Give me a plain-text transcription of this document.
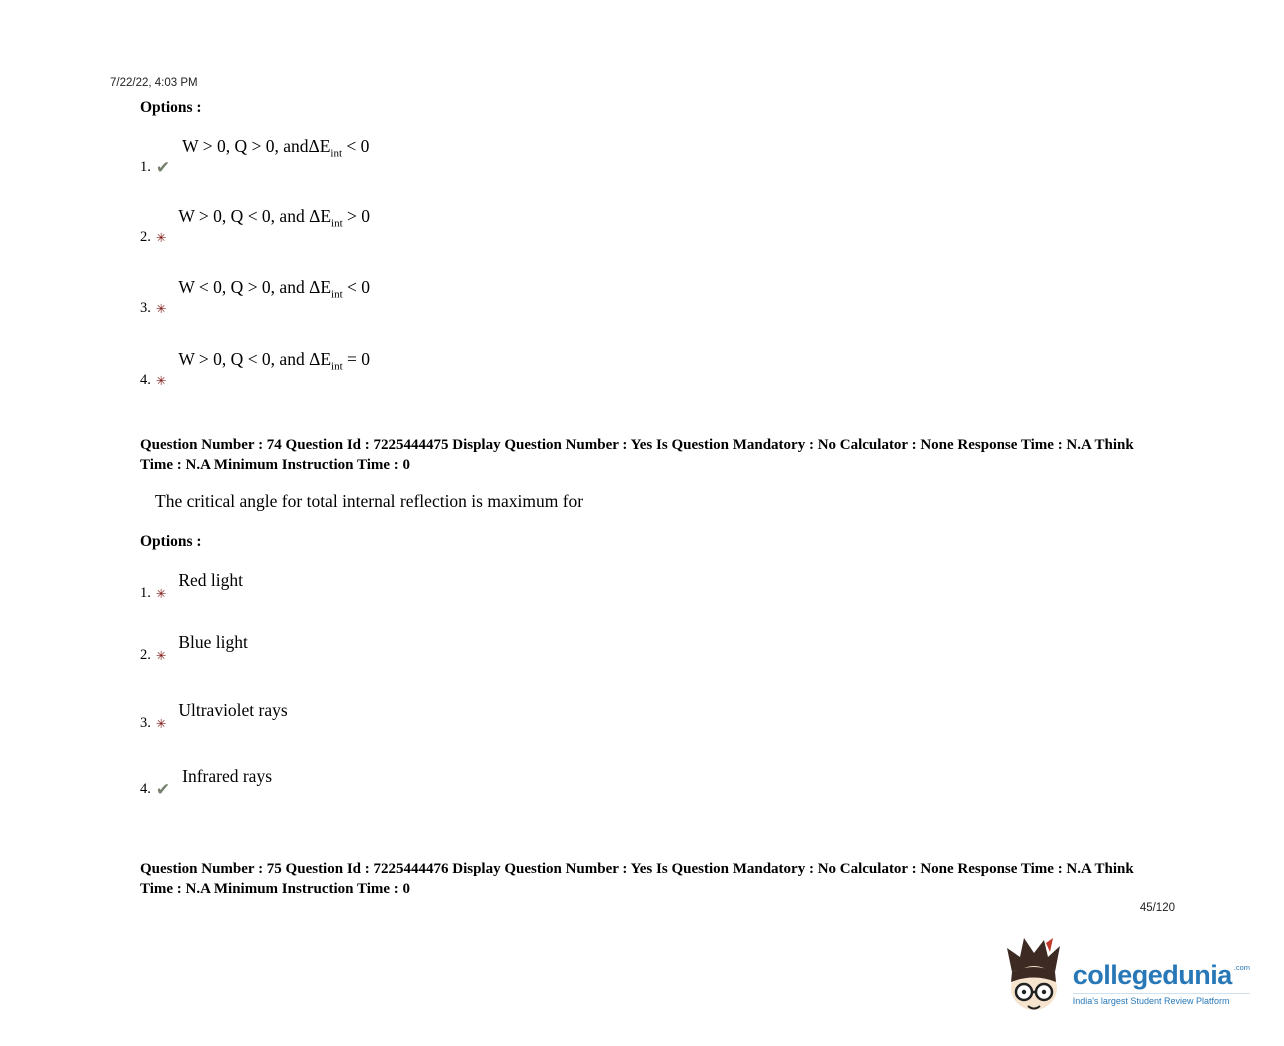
7/22/22, 4:03 PM
Options :
1. ✔
W > 0, Q > 0, andΔE$_{int}$ < 0
2. ✳
W > 0, Q < 0, and $\Delta E_{int} > 0$
3. ✳
W < 0, Q > 0, and $\Delta E_{int} < 0$
4. ✳
W > 0, Q < 0, and $\Delta E_{int} = 0$
Question Number : 74 Question Id : 7225444475 Display Question Number : Yes Is Question Mandatory : No Calculator : None Response Time : N.A Think Time : N.A Minimum Instruction Time : 0
The critical angle for total internal reflection is maximum for
Options :
1. ✳
Red light
2. ✳
Blue light
3. ✳
Ultraviolet rays
4. ✔
Infrared rays
Question Number : 75 Question Id : 7225444476 Display Question Number : Yes Is Question Mandatory : No Calculator : None Response Time : N.A Think Time : N.A Minimum Instruction Time : 0
45/120
collegedunia .com
India's largest Student Review Platform
